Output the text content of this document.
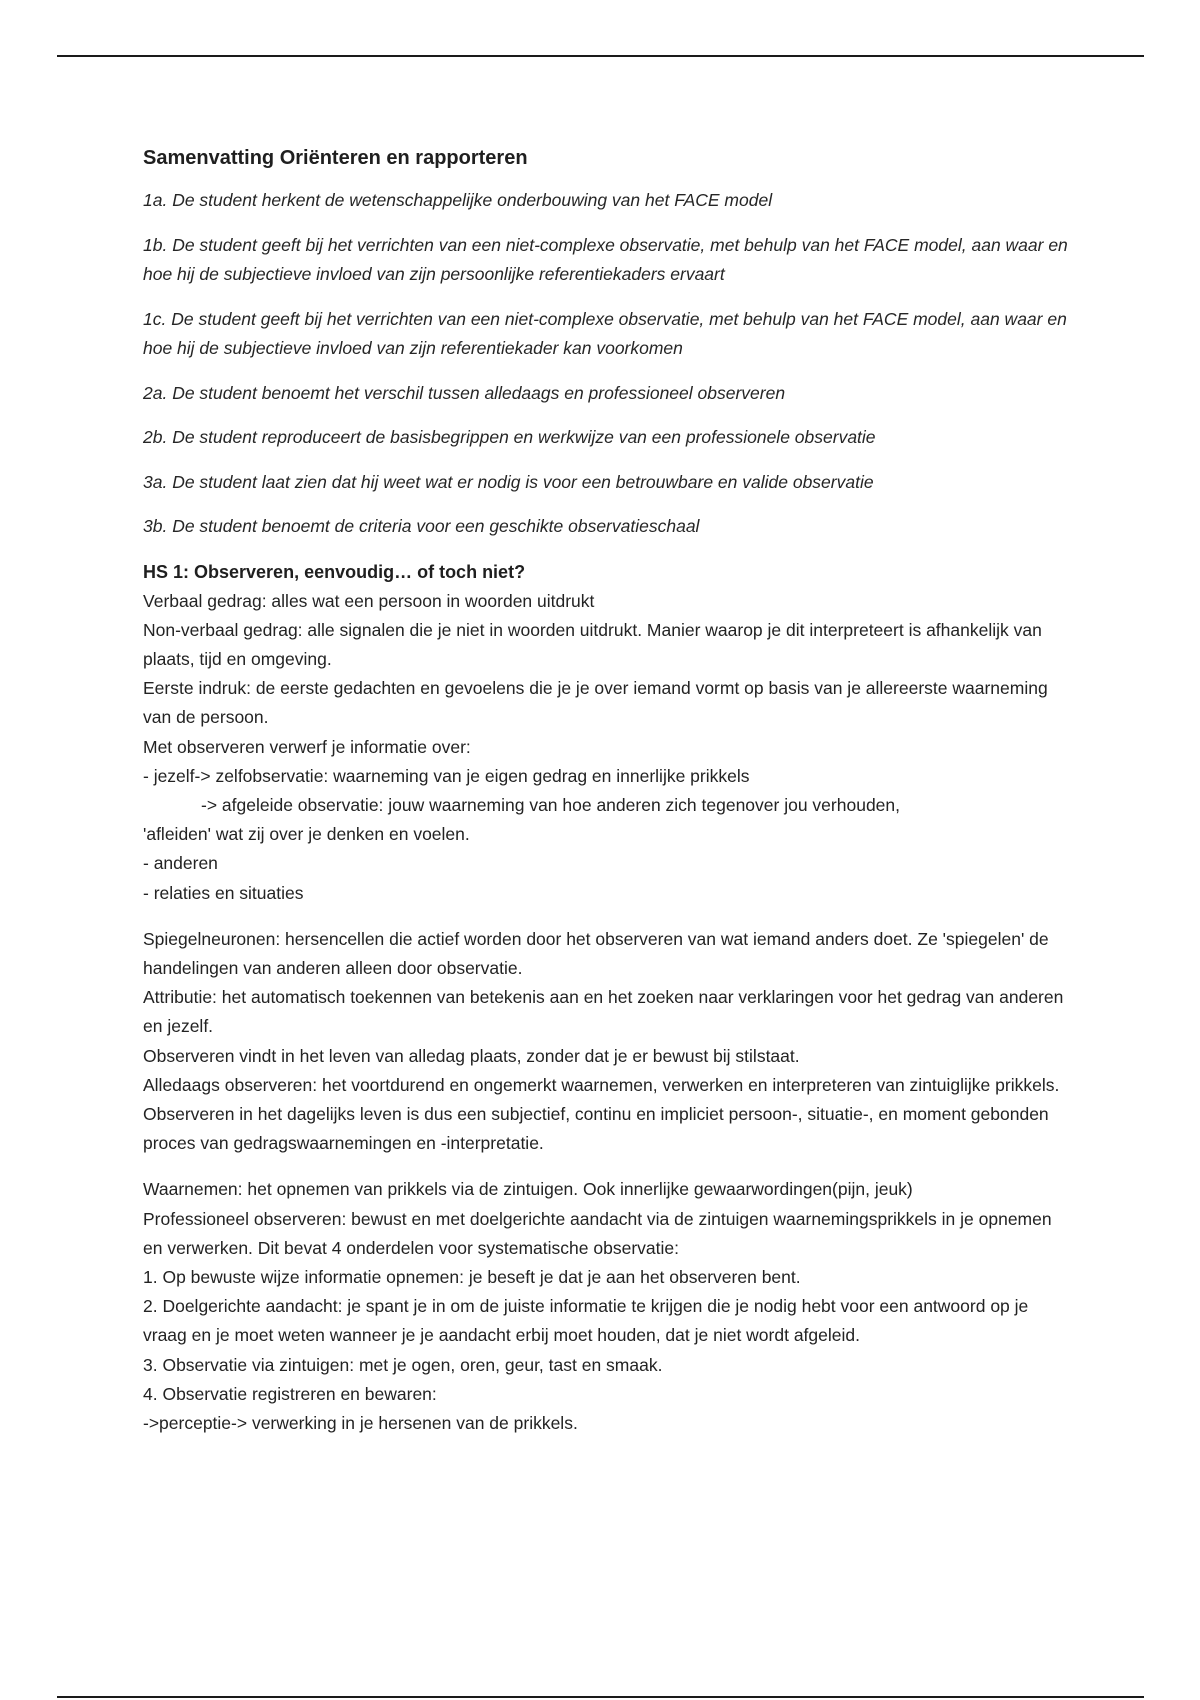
Samenvatting Oriënteren en rapporteren
1a. De student herkent de wetenschappelijke onderbouwing van het FACE model
1b. De student geeft bij het verrichten van een niet-complexe observatie, met behulp van het FACE model, aan waar en hoe hij de subjectieve invloed van zijn persoonlijke referentiekaders ervaart
1c. De student geeft bij het verrichten van een niet-complexe observatie, met behulp van het FACE model, aan waar en hoe hij de subjectieve invloed van zijn referentiekader kan voorkomen
2a. De student benoemt het verschil tussen alledaags en professioneel observeren
2b. De student reproduceert de basisbegrippen en werkwijze van een professionele observatie
3a. De student laat zien dat hij weet wat er nodig is voor een betrouwbare en valide observatie
3b. De student benoemt de criteria voor een geschikte observatieschaal
HS 1: Observeren, eenvoudig… of toch niet?

Verbaal gedrag: alles wat een persoon in woorden uitdrukt

Non-verbaal gedrag: alle signalen die je niet in woorden uitdrukt. Manier waarop je dit interpreteert is afhankelijk van plaats, tijd en omgeving.

Eerste indruk: de eerste gedachten en gevoelens die je je over iemand vormt op basis van je allereerste waarneming van de persoon.

Met observeren verwerf je informatie over:

- jezelf-> zelfobservatie: waarneming van je eigen gedrag en innerlijke prikkels

-> afgeleide observatie: jouw waarneming van hoe anderen zich tegenover jou verhouden,

'afleiden' wat zij over je denken en voelen.

- anderen

- relaties en situaties

Spiegelneuronen: hersencellen die actief worden door het observeren van wat iemand anders doet. Ze 'spiegelen' de handelingen van anderen alleen door observatie.

Attributie: het automatisch toekennen van betekenis aan en het zoeken naar verklaringen voor het gedrag van anderen en jezelf.

Observeren vindt in het leven van alledag plaats, zonder dat je er bewust bij stilstaat.

Alledaags observeren: het voortdurend en ongemerkt waarnemen, verwerken en interpreteren van zintuiglijke prikkels.

Observeren in het dagelijks leven is dus een subjectief, continu en impliciet persoon-, situatie-, en moment gebonden proces van gedragswaarnemingen en -interpretatie.

Waarnemen: het opnemen van prikkels via de zintuigen. Ook innerlijke gewaarwordingen(pijn, jeuk)

Professioneel observeren: bewust en met doelgerichte aandacht via de zintuigen waarnemingsprikkels in je opnemen en verwerken. Dit bevat 4 onderdelen voor systematische observatie:

1. Op bewuste wijze informatie opnemen: je beseft je dat je aan het observeren bent.

2. Doelgerichte aandacht: je spant je in om de juiste informatie te krijgen die je nodig hebt voor een antwoord op je vraag en je moet weten wanneer je je aandacht erbij moet houden, dat je niet wordt afgeleid.

3. Observatie via zintuigen: met je ogen, oren, geur, tast en smaak.

4. Observatie registreren en bewaren:

->perceptie-> verwerking in je hersenen van de prikkels.
